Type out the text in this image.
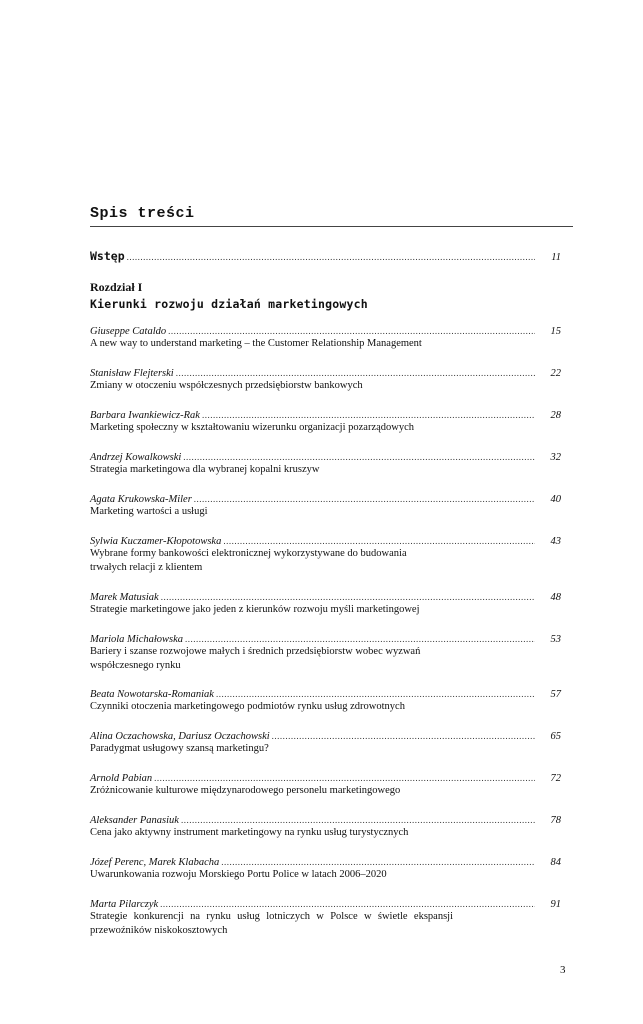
Spis treści
Wstęp .....	11
Rozdział I
Kierunki rozwoju działań marketingowych
Giuseppe Cataldo .....	15
A new way to understand marketing – the Customer Relationship Management
Stanisław Flejterski .....	22
Zmiany w otoczeniu współczesnych przedsiębiorstw bankowych
Barbara Iwankiewicz-Rak .....	28
Marketing społeczny w kształtowaniu wizerunku organizacji pozarządowych
Andrzej Kowalkowski .....	32
Strategia marketingowa dla wybranej kopalni kruszyw
Agata Krukowska-Miler .....	40
Marketing wartości a usługi
Sylwia Kuczamer-Kłopotowska .....	43
Wybrane formy bankowości elektronicznej wykorzystywane do budowania trwałych relacji z klientem
Marek Matusiak .....	48
Strategie marketingowe jako jeden z kierunków rozwoju myśli marketingowej
Mariola Michałowska .....	53
Bariery i szanse rozwojowe małych i średnich przedsiębiorstw wobec wyzwań współczesnego rynku
Beata Nowotarska-Romaniak .....	57
Czynniki otoczenia marketingowego podmiotów rynku usług zdrowotnych
Alina Oczachowska, Dariusz Oczachowski .....	65
Paradygmat usługowy szansą marketingu?
Arnold Pabian .....	72
Zróżnicowanie kulturowe międzynarodowego personelu marketingowego
Aleksander Panasiuk .....	78
Cena jako aktywny instrument marketingowy na rynku usług turystycznych
Józef Perenc, Marek Klabacha .....	84
Uwarunkowania rozwoju Morskiego Portu Police w latach 2006–2020
Marta Pilarczyk .....	91
Strategie konkurencji na rynku usług lotniczych w Polsce w świetle ekspansji przewoźników niskokosztowych
3
